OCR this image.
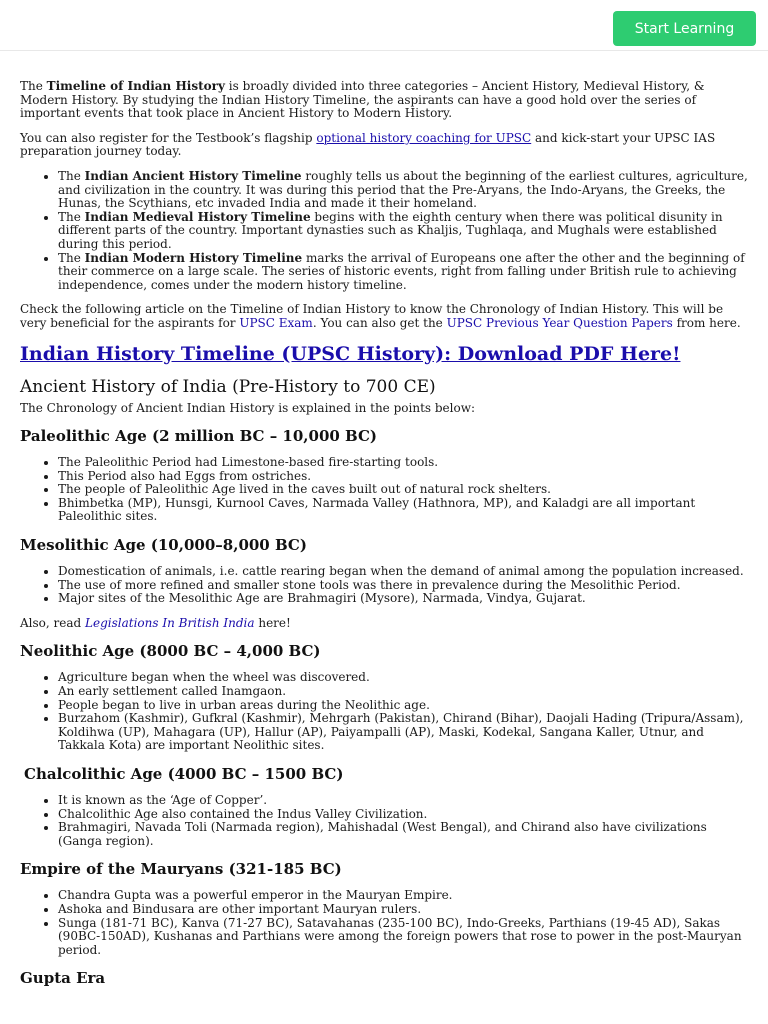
Start Learning

The Timeline of Indian History is broadly divided into three categories – Ancient History, Medieval History, & Modern History. By studying the Indian History Timeline, the aspirants can have a good hold over the series of important events that took place in Ancient History to Modern History.

You can also register for the Testbook’s flagship optional history coaching for UPSC and kick-start your UPSC IAS preparation journey today.

• The Indian Ancient History Timeline roughly tells us about the beginning of the earliest cultures, agriculture, and civilization in the country. It was during this period that the Pre-Aryans, the Indo-Aryans, the Greeks, the Hunas, the Scythians, etc invaded India and made it their homeland.
• The Indian Medieval History Timeline begins with the eighth century when there was political disunity in different parts of the country. Important dynasties such as Khaljis, Tughlaqa, and Mughals were established during this period.
• The Indian Modern History Timeline marks the arrival of Europeans one after the other and the beginning of their commerce on a large scale. The series of historic events, right from falling under British rule to achieving independence, comes under the modern history timeline.

Check the following article on the Timeline of Indian History to know the Chronology of Indian History. This will be very beneficial for the aspirants for UPSC Exam. You can also get the UPSC Previous Year Question Papers from here.

Indian History Timeline (UPSC History): Download PDF Here!
Ancient History of India (Pre-History to 700 CE)

The Chronology of Ancient Indian History is explained in the points below:

Paleolithic Age (2 million BC – 10,000 BC)
• The Paleolithic Period had Limestone-based fire-starting tools.
• This Period also had Eggs from ostriches.
• The people of Paleolithic Age lived in the caves built out of natural rock shelters.
• Bhimbetka (MP), Hunsgi, Kurnool Caves, Narmada Valley (Hathnora, MP), and Kaladgi are all important Paleolithic sites.
Mesolithic Age (10,000–8,000 BC)
• Domestication of animals, i.e. cattle rearing began when the demand of animal among the population increased.
• The use of more refined and smaller stone tools was there in prevalence during the Mesolithic Period.
• Major sites of the Mesolithic Age are Brahmagiri (Mysore), Narmada, Vindya, Gujarat.

Also, read Legislations In British India here!

Neolithic Age (8000 BC – 4,000 BC)
• Agriculture began when the wheel was discovered.
• An early settlement called Inamgaon.
• People began to live in urban areas during the Neolithic age.
• Burzahom (Kashmir), Gufkral (Kashmir), Mehrgarh (Pakistan), Chirand (Bihar), Daojali Hading (Tripura/Assam), Koldihwa (UP), Mahagara (UP), Hallur (AP), Paiyampalli (AP), Maski, Kodekal, Sangana Kaller, Utnur, and Takkala Kota) are important Neolithic sites.
Chalcolithic Age (4000 BC – 1500 BC)
• It is known as the ‘Age of Copper’.
• Chalcolithic Age also contained the Indus Valley Civilization.
• Brahmagiri, Navada Toli (Narmada region), Mahishadal (West Bengal), and Chirand also have civilizations (Ganga region).
Empire of the Mauryans (321-185 BC)
• Chandra Gupta was a powerful emperor in the Mauryan Empire.
• Ashoka and Bindusara are other important Mauryan rulers.
• Sunga (181-71 BC), Kanva (71-27 BC), Satavahanas (235-100 BC), Indo-Greeks, Parthians (19-45 AD), Sakas (90BC-150AD), Kushanas and Parthians were among the foreign powers that rose to power in the post-Mauryan period.
Gupta Era
